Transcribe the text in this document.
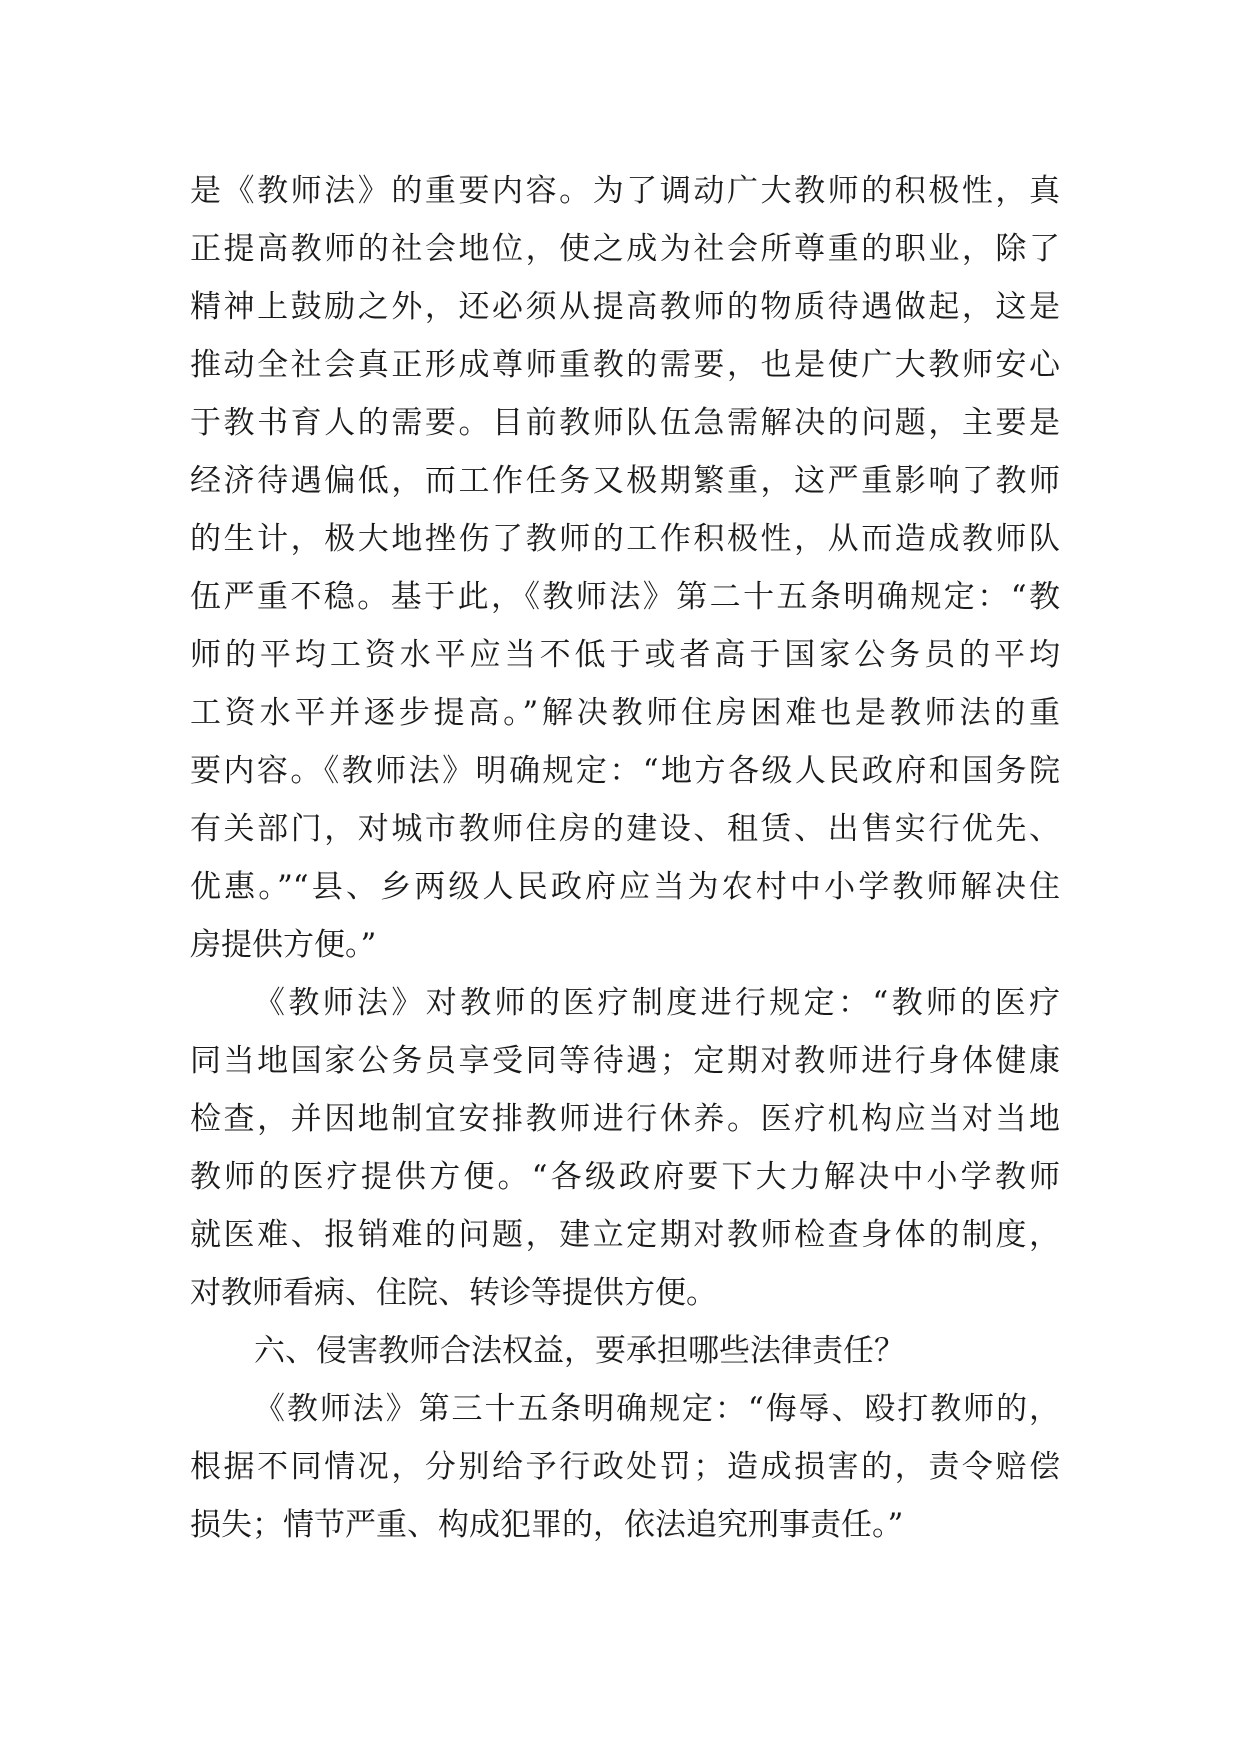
是《教师法》的重要内容。为了调动广大教师的积极性，真
正提高教师的社会地位，使之成为社会所尊重的职业，除了
精神上鼓励之外，还必须从提高教师的物质待遇做起，这是
推动全社会真正形成尊师重教的需要，也是使广大教师安心
于教书育人的需要。目前教师队伍急需解决的问题，主要是
经济待遇偏低，而工作任务又极期繁重，这严重影响了教师
的生计，极大地挫伤了教师的工作积极性，从而造成教师队
伍严重不稳。基于此，《教师法》第二十五条明确规定：“教
师的平均工资水平应当不低于或者高于国家公务员的平均
工资水平并逐步提高。”解决教师住房困难也是教师法的重
要内容。《教师法》明确规定：“地方各级人民政府和国务院
有关部门，对城市教师住房的建设、租赁、出售实行优先、
优惠。”“县、乡两级人民政府应当为农村中小学教师解决住
房提供方便。”
《教师法》对教师的医疗制度进行规定：“教师的医疗
同当地国家公务员享受同等待遇；定期对教师进行身体健康
检查，并因地制宜安排教师进行休养。医疗机构应当对当地
教师的医疗提供方便。“各级政府要下大力解决中小学教师
就医难、报销难的问题，建立定期对教师检查身体的制度，
对教师看病、住院、转诊等提供方便。
六、侵害教师合法权益，要承担哪些法律责任？
《教师法》第三十五条明确规定：“侮辱、殴打教师的，
根据不同情况，分别给予行政处罚；造成损害的，责令赔偿
损失；情节严重、构成犯罪的，依法追究刑事责任。”
